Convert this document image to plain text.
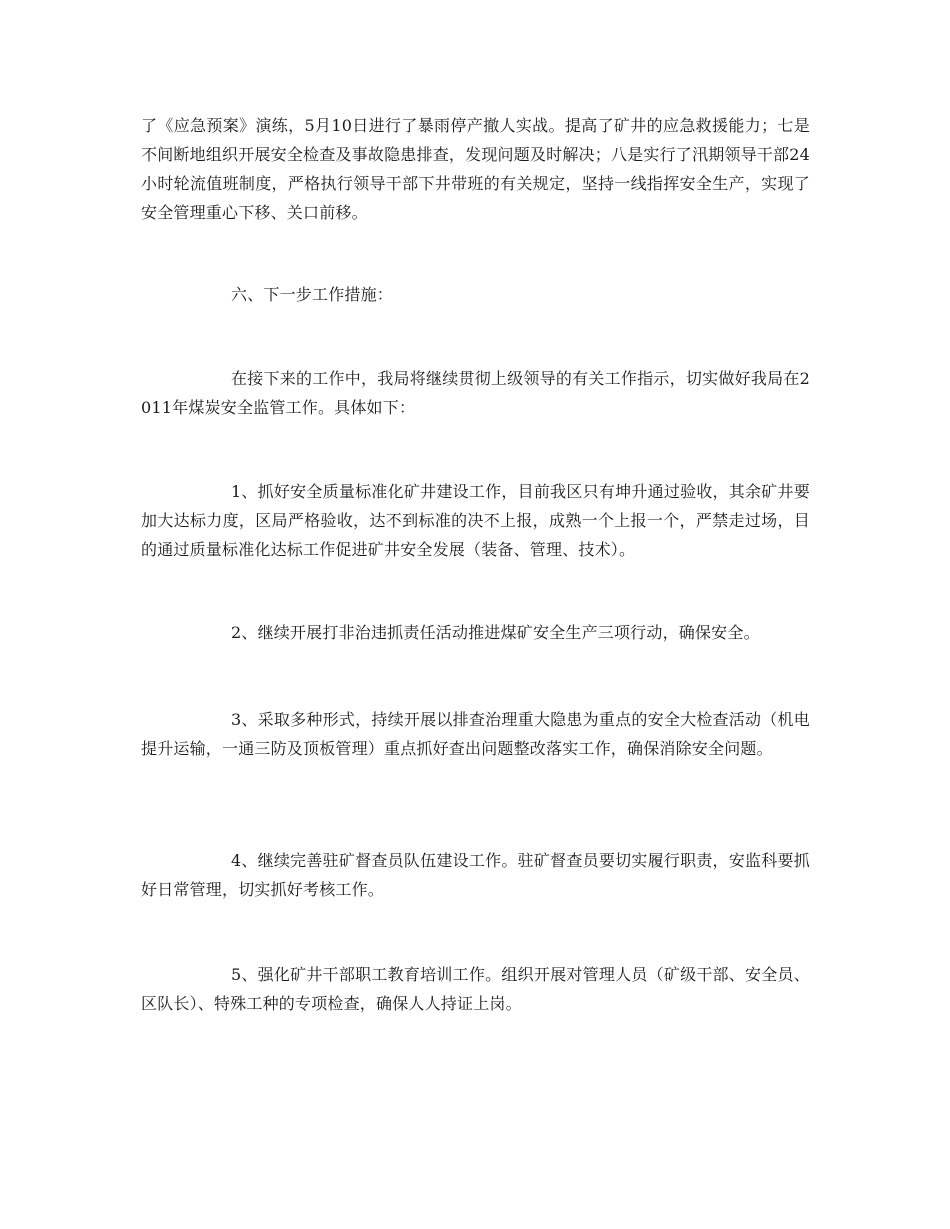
了《应急预案》演练，5月10日进行了暴雨停产撤人实战。提高了矿井的应急救援能力；七是不间断地组织开展安全检查及事故隐患排查，发现问题及时解决；八是实行了汛期领导干部24小时轮流值班制度，严格执行领导干部下井带班的有关规定，坚持一线指挥安全生产，实现了安全管理重心下移、关口前移。

六、下一步工作措施：

在接下来的工作中，我局将继续贯彻上级领导的有关工作指示，切实做好我局在2011年煤炭安全监管工作。具体如下：

1、抓好安全质量标准化矿井建设工作，目前我区只有坤升通过验收，其余矿井要加大达标力度，区局严格验收，达不到标准的决不上报，成熟一个上报一个，严禁走过场，目的通过质量标准化达标工作促进矿井安全发展（装备、管理、技术）。

2、继续开展打非治违抓责任活动推进煤矿安全生产三项行动，确保安全。

3、采取多种形式，持续开展以排查治理重大隐患为重点的安全大检查活动（机电提升运输，一通三防及顶板管理）重点抓好查出问题整改落实工作，确保消除安全问题。

4、继续完善驻矿督查员队伍建设工作。驻矿督查员要切实履行职责，安监科要抓好日常管理，切实抓好考核工作。

5、强化矿井干部职工教育培训工作。组织开展对管理人员（矿级干部、安全员、区队长）、特殊工种的专项检查，确保人人持证上岗。
